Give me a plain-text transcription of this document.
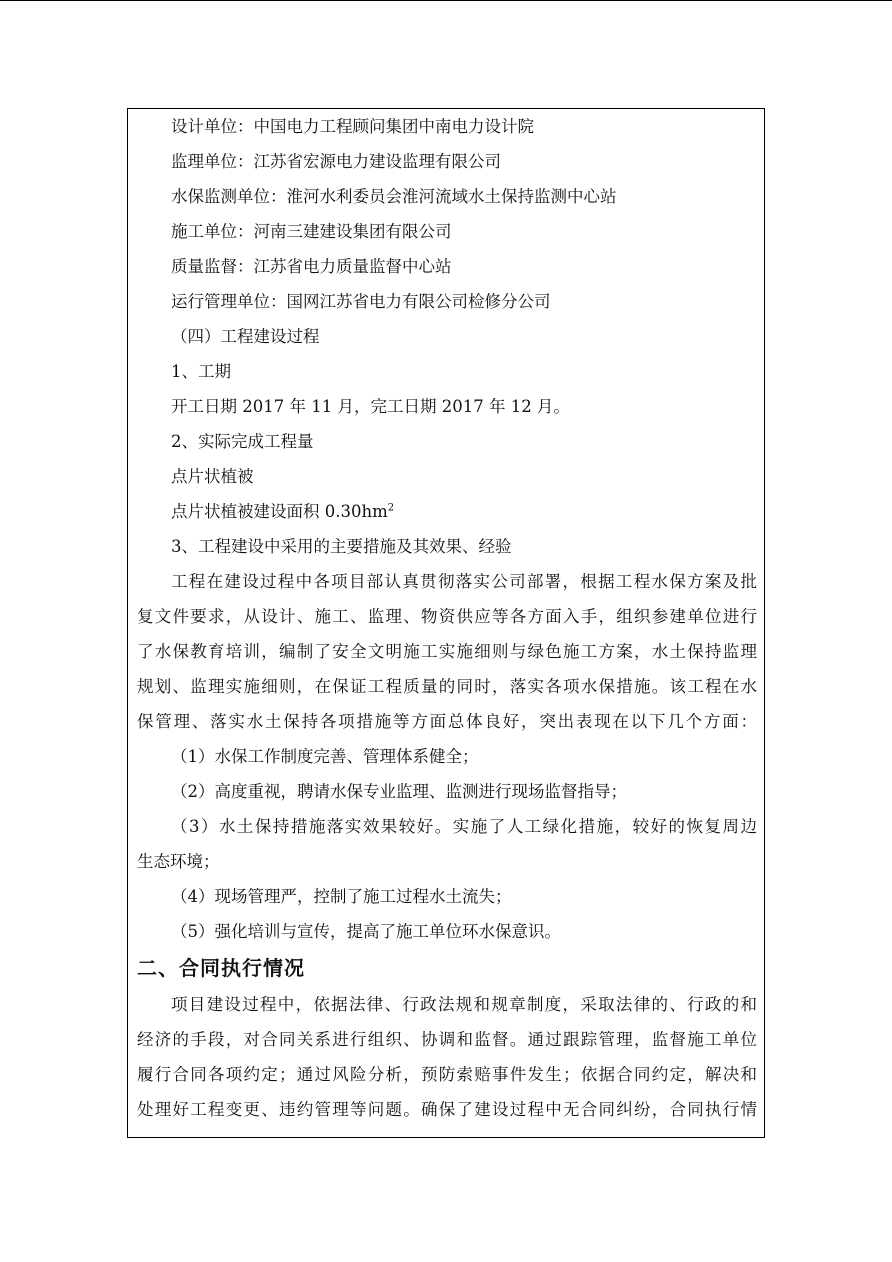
设计单位：中国电力工程顾问集团中南电力设计院
监理单位：江苏省宏源电力建设监理有限公司
水保监测单位：淮河水利委员会淮河流域水土保持监测中心站
施工单位：河南三建建设集团有限公司
质量监督：江苏省电力质量监督中心站
运行管理单位：国网江苏省电力有限公司检修分公司
（四）工程建设过程
1、工期
开工日期 2017 年 11 月，完工日期 2017 年 12 月。
2、实际完成工程量
点片状植被
点片状植被建设面积 $0.30hm^2$
3、工程建设中采用的主要措施及其效果、经验
工程在建设过程中各项目部认真贯彻落实公司部署，根据工程水保方案及批
复文件要求，从设计、施工、监理、物资供应等各方面入手，组织参建单位进行
了水保教育培训，编制了安全文明施工实施细则与绿色施工方案，水土保持监理
规划、监理实施细则，在保证工程质量的同时，落实各项水保措施。该工程在水
保管理、落实水土保持各项措施等方面总体良好，突出表现在以下几个方面：
（1）水保工作制度完善、管理体系健全；
（2）高度重视，聘请水保专业监理、监测进行现场监督指导；
（3）水土保持措施落实效果较好。实施了人工绿化措施，较好的恢复周边
生态环境；
（4）现场管理严，控制了施工过程水土流失；
（5）强化培训与宣传，提高了施工单位环水保意识。
二、合同执行情况
项目建设过程中，依据法律、行政法规和规章制度，采取法律的、行政的和
经济的手段，对合同关系进行组织、协调和监督。通过跟踪管理，监督施工单位
履行合同各项约定；通过风险分析，预防索赔事件发生；依据合同约定，解决和
处理好工程变更、违约管理等问题。确保了建设过程中无合同纠纷，合同执行情
